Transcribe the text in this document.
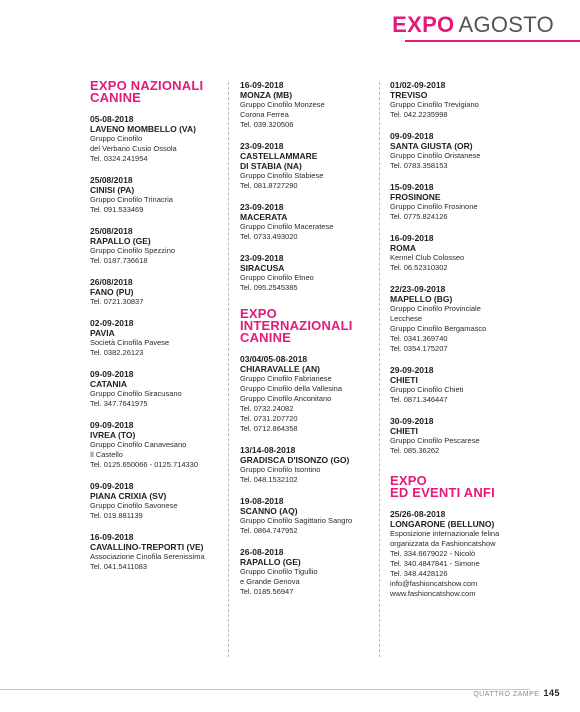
EXPO AGOSTO
EXPO NAZIONALI
CANINE
05-08-2018
LAVENO MOMBELLO (VA)
Gruppo Cinofilo
del Verbano Cusio Ossola
Tel. 0324.241954
25/08/2018
CINISI (PA)
Gruppo Cinofilo Trinacria
Tel. 091.533469
25/08/2018
RAPALLO (GE)
Gruppo Cinofilo Spezzino
Tel. 0187.736618
26/08/2018
FANO (PU)
Tel. 0721.30837
02-09-2018
PAVIA
Società Cinofila Pavese
Tel. 0382.26123
09-09-2018
CATANIA
Gruppo Cinofilo Siracusano
Tel. 347.7641975
09-09-2018
IVREA (TO)
Gruppo Cinofilo Canavesano
Il Castello
Tel. 0125.650066 - 0125.714330
09-09-2018
PIANA CRIXIA (SV)
Gruppo Cinofilo Savonese
Tel. 019.881139
16-09-2018
CAVALLINO-TREPORTI (VE)
Associazione Cinofila Serenissima
Tel. 041.5411083
16-09-2018
MONZA (MB)
Gruppo Cinofilo Monzese
Corona Ferrea
Tel. 039.320506
23-09-2018
CASTELLAMMARE
DI STABIA (NA)
Gruppo Cinofilo Stabiese
Tel. 081.8727290
23-09-2018
MACERATA
Gruppo Cinofilo Maceratese
Tel. 0733.493020
23-09-2018
SIRACUSA
Gruppo Cinofilo Etneo
Tel. 095.2545385
EXPO
INTERNAZIONALI
CANINE
03/04/05-08-2018
CHIARAVALLE (AN)
Gruppo Cinofilo Fabrianese
Gruppo Cinofilo della Vallesina
Gruppo Cinofilo Anconitano
Tel. 0732.24082
Tel. 0731.207720
Tel. 0712.864358
13/14-08-2018
GRADISCA D'ISONZO (GO)
Gruppo Cinofilo Isontino
Tel. 048.1532102
19-08-2018
SCANNO (AQ)
Gruppo Cinofilo Sagittario Sangro
Tel. 0864.747952
26-08-2018
RAPALLO (GE)
Gruppo Cinofilo Tigullio
e Grande Genova
Tel. 0185.56947
01/02-09-2018
TREVISO
Gruppo Cinofilo Trevigiano
Tel. 042.2235998
09-09-2018
SANTA GIUSTA (OR)
Gruppo Cinofilo Oristanese
Tel. 0783.358153
15-09-2018
FROSINONE
Gruppo Cinofilo Frosinone
Tel. 0775.824126
16-09-2018
ROMA
Kennel Club Colosseo
Tel. 06.52310302
22/23-09-2018
MAPELLO (BG)
Gruppo Cinofilo Provinciale
Lecchese
Gruppo Cinofilo Bergamasco
Tel. 0341.369740
Tel. 0354.175207
29-09-2018
CHIETI
Gruppo Cinofilo Chieti
Tel. 0871.346447
30-09-2018
CHIETI
Gruppo Cinofilo Pescarese
Tel. 085.36262
EXPO
ED EVENTI ANFI
25/26-08-2018
LONGARONE (BELLUNO)
Esposizione internazionale felina
organizzata da Fashioncatshow
Tel. 334.6679022 - Nicolò
Tel. 340.4847841 - Simone
Tel. 348.4428126
info@fashioncatshow.com
www.fashioncatshow.com
QUATTRO ZAMPE 145
